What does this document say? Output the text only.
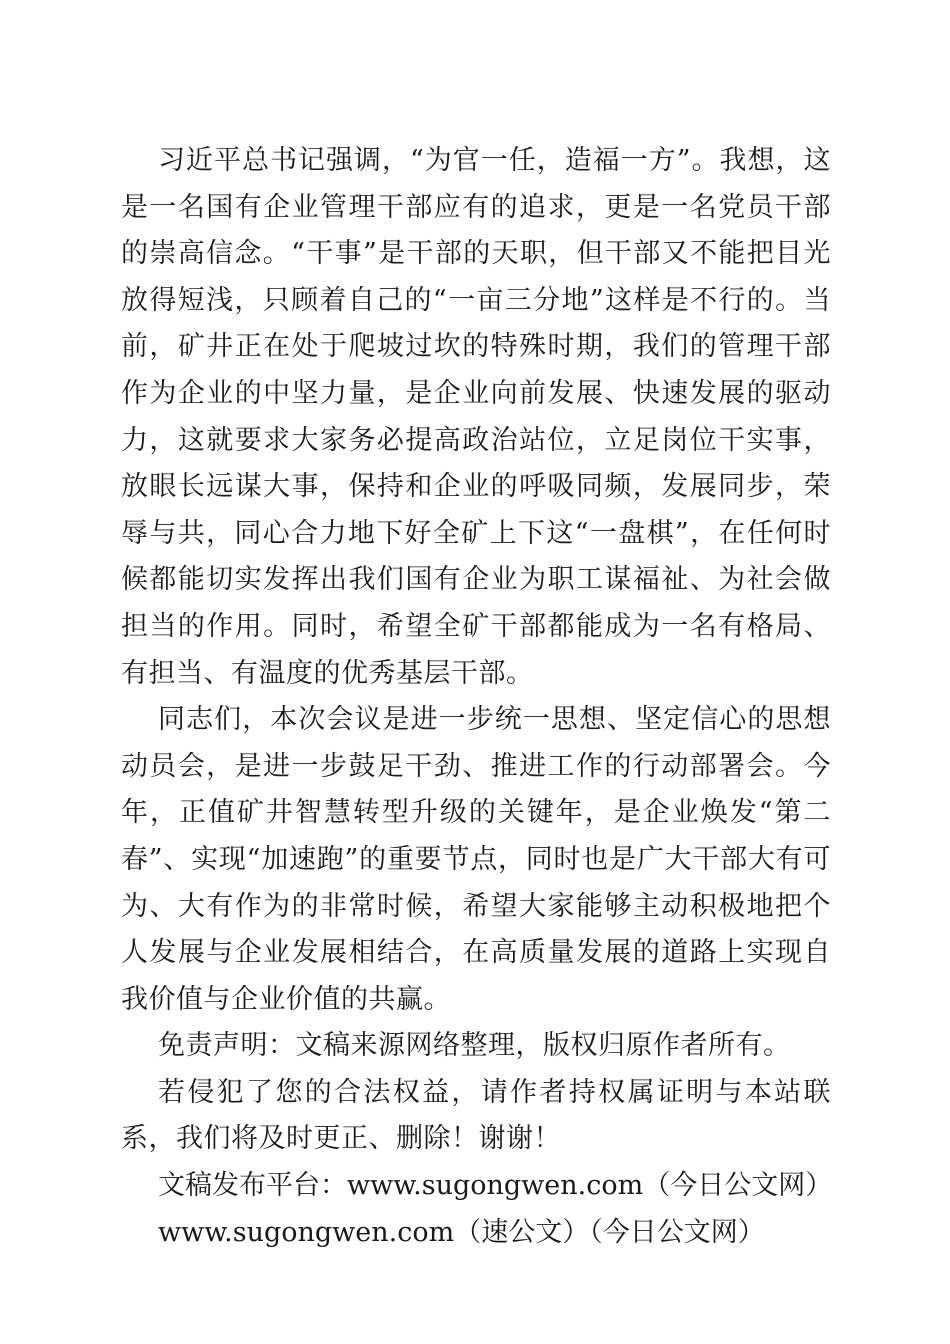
习近平总书记强调，“为官一任，造福一方”。我想，这是一名国有企业管理干部应有的追求，更是一名党员干部的崇高信念。“干事”是干部的天职，但干部又不能把目光放得短浅，只顾着自己的“一亩三分地”这样是不行的。当前，矿井正在处于爬坡过坎的特殊时期，我们的管理干部作为企业的中坚力量，是企业向前发展、快速发展的驱动力，这就要求大家务必提高政治站位，立足岗位干实事，放眼长远谋大事，保持和企业的呼吸同频，发展同步，荣辱与共，同心合力地下好全矿上下这“一盘棋”，在任何时候都能切实发挥出我们国有企业为职工谋福祉、为社会做担当的作用。同时，希望全矿干部都能成为一名有格局、有担当、有温度的优秀基层干部。

同志们，本次会议是进一步统一思想、坚定信心的思想动员会，是进一步鼓足干劲、推进工作的行动部署会。今年，正值矿井智慧转型升级的关键年，是企业焕发“第二春”、实现“加速跑”的重要节点，同时也是广大干部大有可为、大有作为的非常时候，希望大家能够主动积极地把个人发展与企业发展相结合，在高质量发展的道路上实现自我价值与企业价值的共赢。

免责声明：文稿来源网络整理，版权归原作者所有。

若侵犯了您的合法权益，请作者持权属证明与本站联系，我们将及时更正、删除！谢谢！

文稿发布平台：www.sugongwen.com（今日公文网）

www.sugongwen.com（速公文）（今日公文网）
